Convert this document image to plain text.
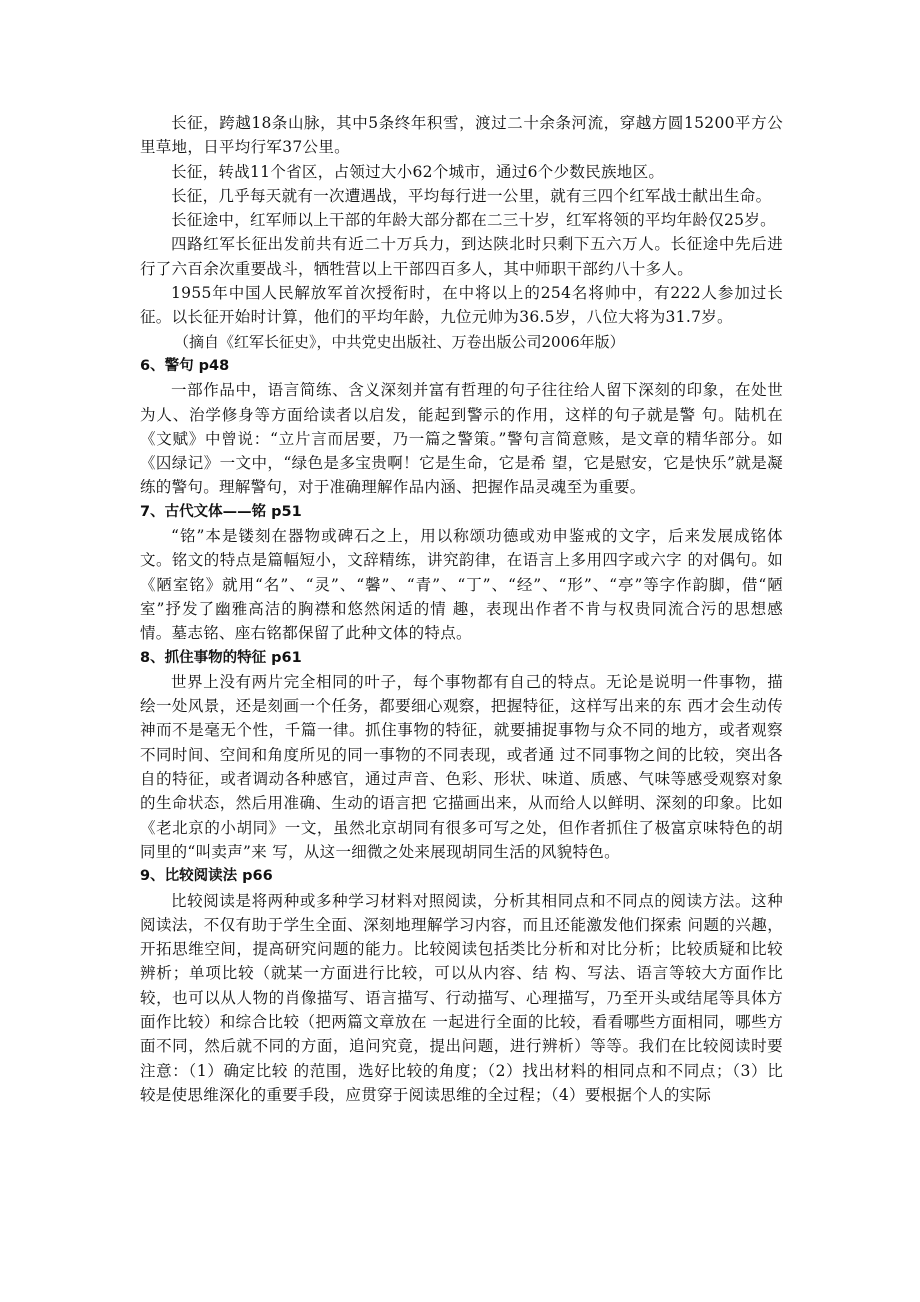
长征，跨越18条山脉，其中5条终年积雪，渡过二十余条河流，穿越方圆15200平方公里草地，日平均行军37公里。

长征，转战11个省区，占领过大小62个城市，通过6个少数民族地区。

长征，几乎每天就有一次遭遇战，平均每行进一公里，就有三四个红军战士献出生命。

长征途中，红军师以上干部的年龄大部分都在二三十岁，红军将领的平均年龄仅25岁。

四路红军长征出发前共有近二十万兵力，到达陕北时只剩下五六万人。长征途中先后进行了六百余次重要战斗，牺牲营以上干部四百多人，其中师职干部约八十多人。

1955年中国人民解放军首次授衔时，在中将以上的254名将帅中，有222人参加过长征。以长征开始时计算，他们的平均年龄，九位元帅为36.5岁，八位大将为31.7岁。

（摘自《红军长征史》，中共党史出版社、万卷出版公司2006年版）

6、警句 p48

一部作品中，语言简练、含义深刻并富有哲理的句子往往给人留下深刻的印象，在处世为人、治学修身等方面给读者以启发，能起到警示的作用，这样的句子就是警 句。陆机在《文赋》中曾说：“立片言而居要，乃一篇之警策。”警句言简意赅，是文章的精华部分。如《囚绿记》一文中，“绿色是多宝贵啊！它是生命，它是希 望，它是慰安，它是快乐”就是凝练的警句。理解警句，对于准确理解作品内涵、把握作品灵魂至为重要。

7、古代文体——铭 p51

“铭”本是镂刻在器物或碑石之上，用以称颂功德或劝申鉴戒的文字，后来发展成铭体文。铭文的特点是篇幅短小，文辞精练，讲究韵律，在语言上多用四字或六字 的对偶句。如《陋室铭》就用“名”、“灵”、“馨”、“青”、“丁”、“经”、“形”、“亭”等字作韵脚，借“陋室”抒发了幽雅高洁的胸襟和悠然闲适的情 趣，表现出作者不肯与权贵同流合污的思想感情。墓志铭、座右铭都保留了此种文体的特点。

8、抓住事物的特征 p61

世界上没有两片完全相同的叶子，每个事物都有自己的特点。无论是说明一件事物，描绘一处风景，还是刻画一个任务，都要细心观察，把握特征，这样写出来的东 西才会生动传神而不是毫无个性，千篇一律。抓住事物的特征，就要捕捉事物与众不同的地方，或者观察不同时间、空间和角度所见的同一事物的不同表现，或者通 过不同事物之间的比较，突出各自的特征，或者调动各种感官，通过声音、色彩、形状、味道、质感、气味等感受观察对象的生命状态，然后用准确、生动的语言把 它描画出来，从而给人以鲜明、深刻的印象。比如《老北京的小胡同》一文，虽然北京胡同有很多可写之处，但作者抓住了极富京味特色的胡同里的“叫卖声”来 写，从这一细微之处来展现胡同生活的风貌特色。

9、比较阅读法 p66

比较阅读是将两种或多种学习材料对照阅读，分析其相同点和不同点的阅读方法。这种阅读法，不仅有助于学生全面、深刻地理解学习内容，而且还能激发他们探索 问题的兴趣，开拓思维空间，提高研究问题的能力。比较阅读包括类比分析和对比分析；比较质疑和比较辨析；单项比较（就某一方面进行比较，可以从内容、结 构、写法、语言等较大方面作比较，也可以从人物的肖像描写、语言描写、行动描写、心理描写，乃至开头或结尾等具体方面作比较）和综合比较（把两篇文章放在 一起进行全面的比较，看看哪些方面相同，哪些方面不同，然后就不同的方面，追问究竟，提出问题，进行辨析）等等。我们在比较阅读时要注意：（1）确定比较 的范围，选好比较的角度；（2）找出材料的相同点和不同点；（3）比较是使思维深化的重要手段，应贯穿于阅读思维的全过程；（4）要根据个人的实际
